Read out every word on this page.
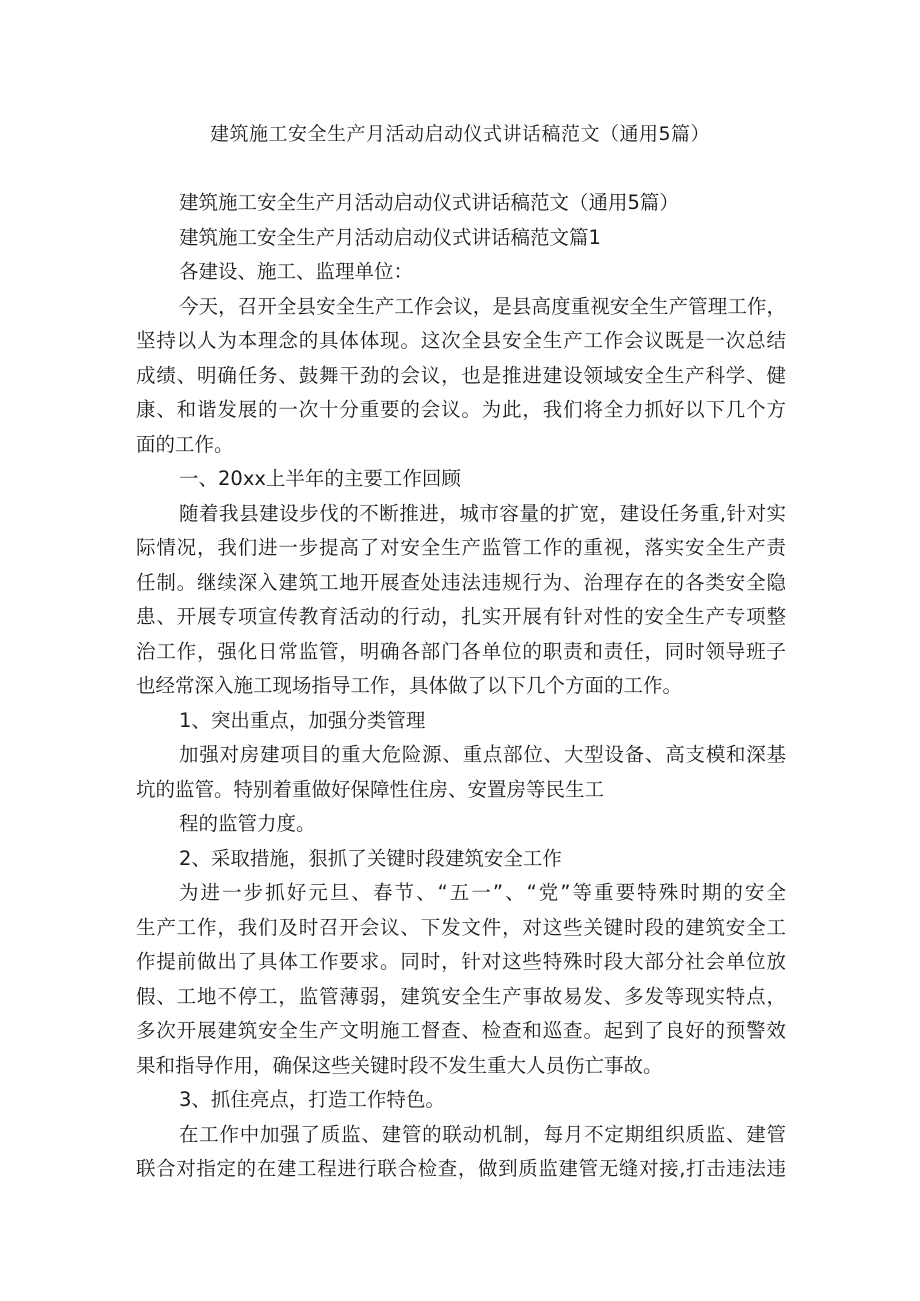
建筑施工安全生产月活动启动仪式讲话稿范文（通用5篇）

建筑施工安全生产月活动启动仪式讲话稿范文（通用5篇）

建筑施工安全生产月活动启动仪式讲话稿范文篇1

各建设、施工、监理单位：

今天，召开全县安全生产工作会议，是县高度重视安全生产管理工作，
坚持以人为本理念的具体体现。这次全县安全生产工作会议既是一次总结
成绩、明确任务、鼓舞干劲的会议，也是推进建设领域安全生产科学、健
康、和谐发展的一次十分重要的会议。为此，我们将全力抓好以下几个方
面的工作。

一、20xx上半年的主要工作回顾

随着我县建设步伐的不断推进，城市容量的扩宽，建设任务重,针对实
际情况，我们进一步提高了对安全生产监管工作的重视，落实安全生产责
任制。继续深入建筑工地开展查处违法违规行为、治理存在的各类安全隐
患、开展专项宣传教育活动的行动，扎实开展有针对性的安全生产专项整
治工作，强化日常监管，明确各部门各单位的职责和责任，同时领导班子
也经常深入施工现场指导工作，具体做了以下几个方面的工作。

1、突出重点，加强分类管理

加强对房建项目的重大危险源、重点部位、大型设备、高支模和深基
坑的监管。特别着重做好保障性住房、安置房等民生工

程的监管力度。

2、采取措施，狠抓了关键时段建筑安全工作

为进一步抓好元旦、春节、“五一”、“党”等重要特殊时期的安全
生产工作，我们及时召开会议、下发文件，对这些关键时段的建筑安全工
作提前做出了具体工作要求。同时，针对这些特殊时段大部分社会单位放
假、工地不停工，监管薄弱，建筑安全生产事故易发、多发等现实特点，
多次开展建筑安全生产文明施工督查、检查和巡查。起到了良好的预警效
果和指导作用，确保这些关键时段不发生重大人员伤亡事故。

3、抓住亮点，打造工作特色。

在工作中加强了质监、建管的联动机制，每月不定期组织质监、建管
联合对指定的在建工程进行联合检查，做到质监建管无缝对接,打击违法违
